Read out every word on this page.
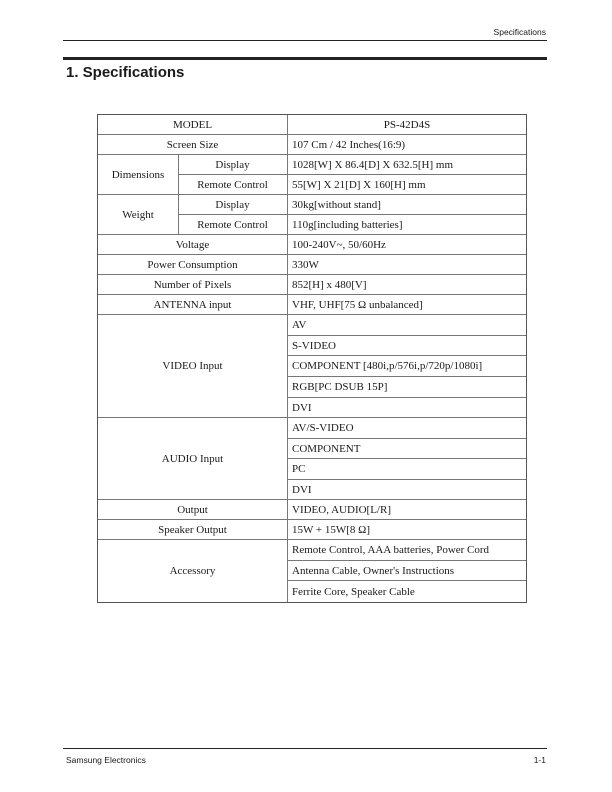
Specifications
1. Specifications
MODEL
Screen Size
Dimensions
Display
Remote Control
Weight
Display
Remote Control
Voltage
Power Consumption
Number of Pixels
ANTENNA input
VIDEO Input
AUDIO Input
Output
Speaker Output
Accessory
PS-42D4S
107 Cm / 42 Inches(16:9)
1028[W] X 86.4[D] X 632.5[H] mm
55[W] X 21[D] X 160[H] mm
30kg[without stand]
110g[including batteries]
100-240V~, 50/60Hz
330W
852[H] x 480[V]
VHF, UHF[75 Ω unbalanced]
AV
S-VIDEO
COMPONENT [480i,p/576i,p/720p/1080i]
RGB[PC DSUB 15P]
DVI
AV/S-VIDEO
COMPONENT
PC
DVI
VIDEO, AUDIO[L/R]
15W + 15W[8 Ω]
Remote Control, AAA batteries, Power Cord
Antenna Cable, Owner's Instructions
Ferrite Core, Speaker Cable
Samsung Electronics	1-1
